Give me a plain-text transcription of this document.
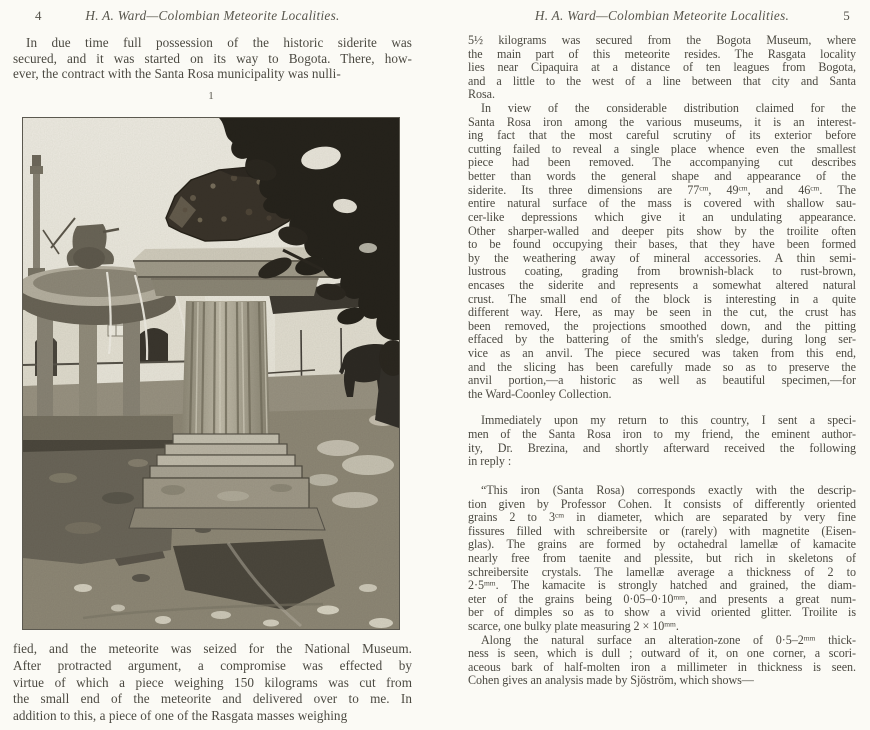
4	H. A. Ward—Colombian Meteorite Localities.
In due time full possession of the historic siderite was
secured, and it was started on its way to Bogota. There, how-
ever, the contract with the Santa Rosa municipality was nulli-
1
fied, and the meteorite was seized for the National Museum.
After protracted argument, a compromise was effected by
virtue of which a piece weighing 150 kilograms was cut from
the small end of the meteorite and delivered over to me. In
addition to this, a piece of one of the Rasgata masses weighing
H. A. Ward—Colombian Meteorite Localities.	5
5½ kilograms was secured from the Bogota Museum, where
the main part of this meteorite resides. The Rasgata locality
lies near Cipaquira at a distance of ten leagues from Bogota,
and a little to the west of a line between that city and Santa
Rosa.
In view of the considerable distribution claimed for the
Santa Rosa iron among the various museums, it is an interest-
ing fact that the most careful scrutiny of its exterior before
cutting failed to reveal a single place whence even the smallest
piece had been removed. The accompanying cut describes
better than words the general shape and appearance of the
siderite. Its three dimensions are $77^{cm}$, $49^{cm}$, and $46^{cm}$. The
entire natural surface of the mass is covered with shallow sau-
cer-like depressions which give it an undulating appearance.
Other sharper-walled and deeper pits show by the troilite often
to be found occupying their bases, that they have been formed
by the weathering away of mineral accessories. A thin semi-
lustrous coating, grading from brownish-black to rust-brown,
encases the siderite and represents a somewhat altered natural
crust. The small end of the block is interesting in a quite
different way. Here, as may be seen in the cut, the crust has
been removed, the projections smoothed down, and the pitting
effaced by the battering of the smith's sledge, during long ser-
vice as an anvil. The piece secured was taken from this end,
and the slicing has been carefully made so as to preserve the
anvil portion,—a historic as well as beautiful specimen,—for
the Ward-Coonley Collection.
Immediately upon my return to this country, I sent a speci-
men of the Santa Rosa iron to my friend, the eminent author-
ity, Dr. Brezina, and shortly afterward received the following
in reply :
“This iron (Santa Rosa) corresponds exactly with the descrip-
tion given by Professor Cohen. It consists of differently oriented
grains 2 to $3^{cm}$ in diameter, which are separated by very fine
fissures filled with schreibersite or (rarely) with magnetite (Eisen-
glas). The grains are formed by octahedral lamellæ of kamacite
nearly free from taenite and plessite, but rich in skeletons of
schreibersite crystals. The lamellæ average a thickness of 2 to
$2\cdot 5^{mm}$. The kamacite is strongly hatched and grained, the diam-
eter of the grains being $0\cdot 05-0\cdot 10^{mm}$, and presents a great num-
ber of dimples so as to show a vivid oriented glitter. Troilite is
scarce, one bulky plate measuring $2 \times 10^{mm}$.
Along the natural surface an alteration-zone of $0\cdot 5-2^{mm}$ thick-
ness is seen, which is dull ; outward of it, on one corner, a scori-
aceous bark of half-molten iron a millimeter in thickness is seen.
Cohen gives an analysis made by Sjöström, which shows—
